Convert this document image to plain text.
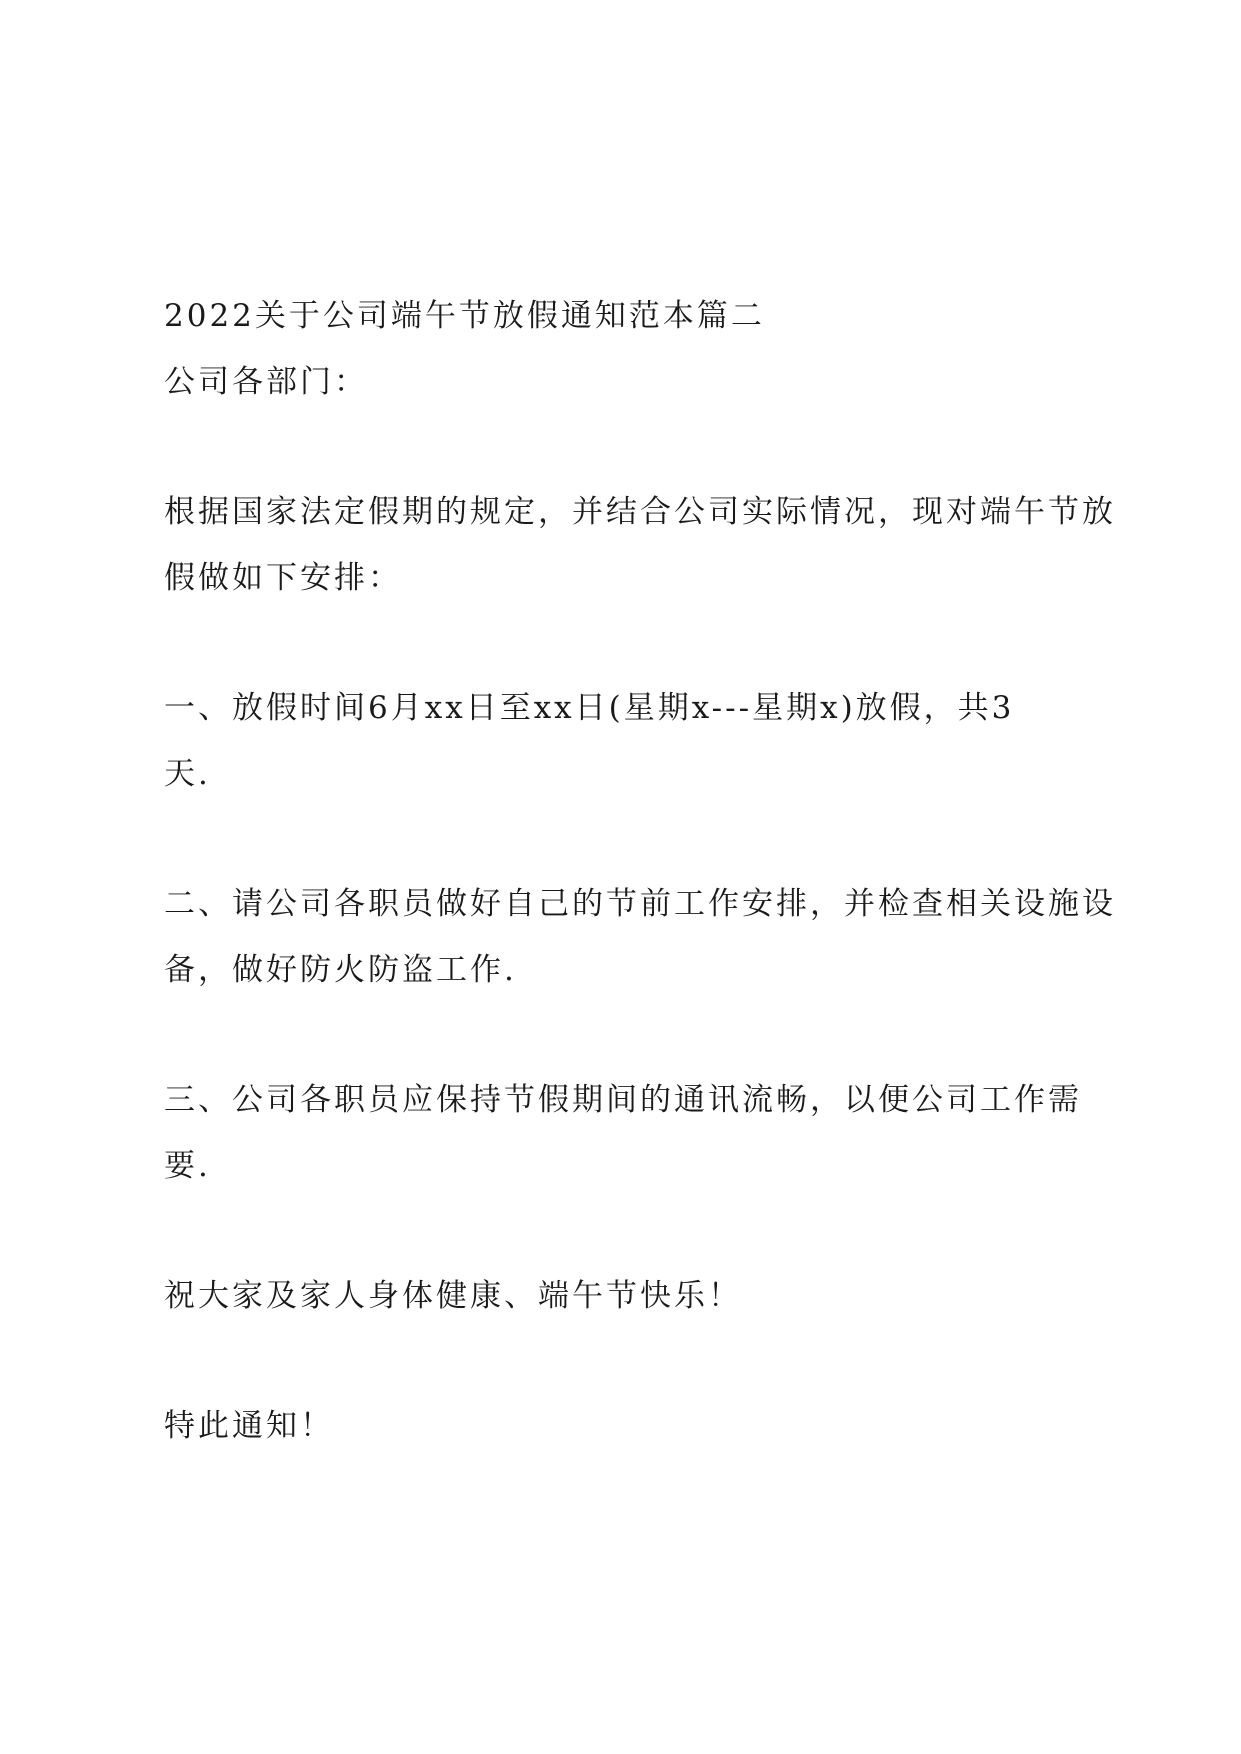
2022关于公司端午节放假通知范本篇二

公司各部门：

根据国家法定假期的规定，并结合公司实际情况，现对端午节放

假做如下安排：

一、放假时间6月xx日至xx日(星期x---星期x)放假，共3

天.

二、请公司各职员做好自己的节前工作安排，并检查相关设施设

备，做好防火防盗工作.

三、公司各职员应保持节假期间的通讯流畅，以便公司工作需

要.

祝大家及家人身体健康、端午节快乐！

特此通知！
